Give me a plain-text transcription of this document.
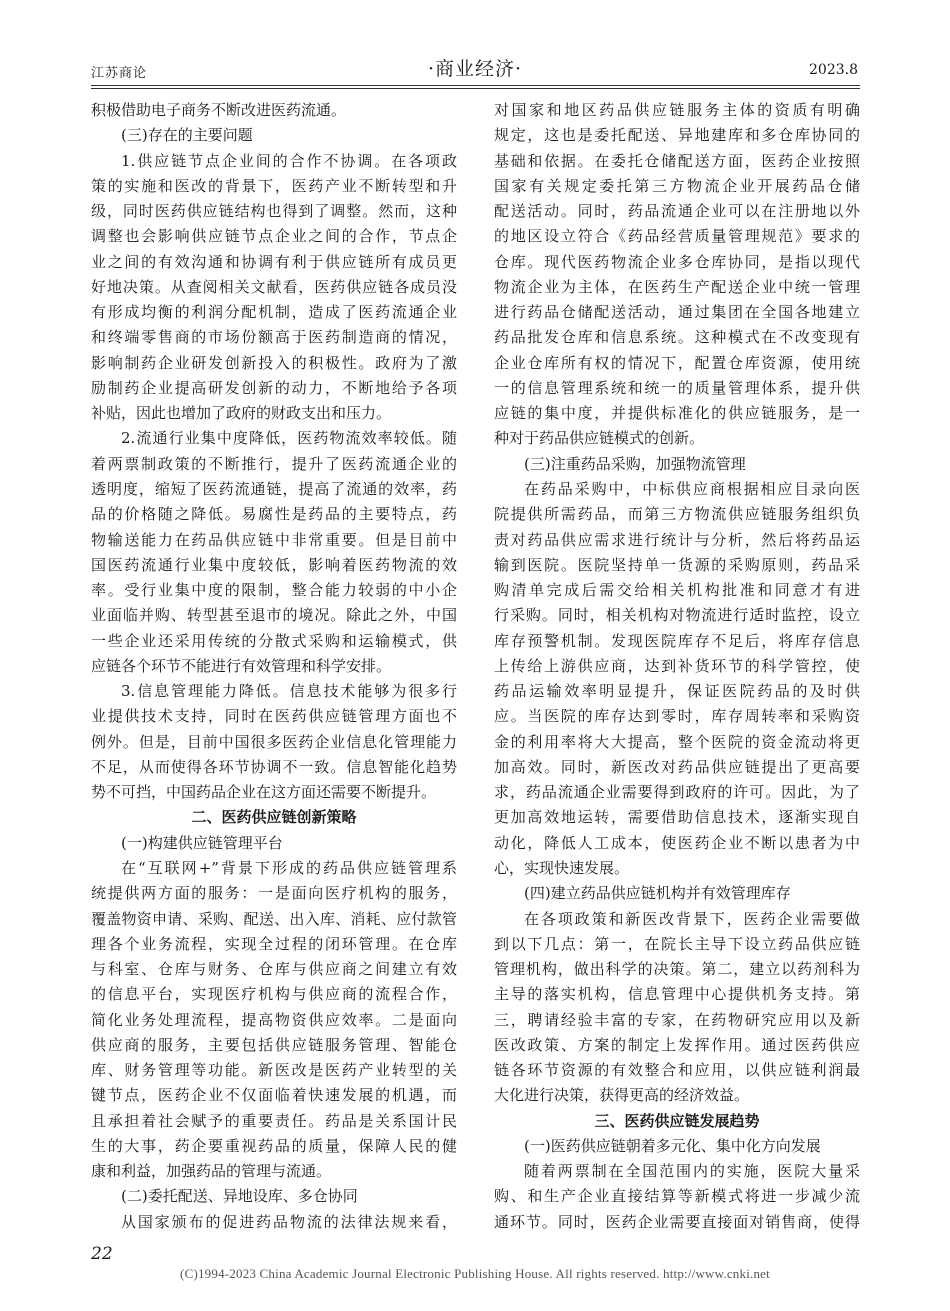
江苏商论	·商业经济·	2023.8
积极借助电子商务不断改进医药流通。
(三)存在的主要问题
1.供应链节点企业间的合作不协调。在各项政
策的实施和医改的背景下，医药产业不断转型和升
级，同时医药供应链结构也得到了调整。然而，这种
调整也会影响供应链节点企业之间的合作，节点企
业之间的有效沟通和协调有利于供应链所有成员更
好地决策。从查阅相关文献看，医药供应链各成员没
有形成均衡的利润分配机制，造成了医药流通企业
和终端零售商的市场份额高于医药制造商的情况，
影响制药企业研发创新投入的积极性。政府为了激
励制药企业提高研发创新的动力，不断地给予各项
补贴，因此也增加了政府的财政支出和压力。
2.流通行业集中度降低，医药物流效率较低。随
着两票制政策的不断推行，提升了医药流通企业的
透明度，缩短了医药流通链，提高了流通的效率，药
品的价格随之降低。易腐性是药品的主要特点，药
物输送能力在药品供应链中非常重要。但是目前中
国医药流通行业集中度较低，影响着医药物流的效
率。受行业集中度的限制，整合能力较弱的中小企
业面临并购、转型甚至退市的境况。除此之外，中国
一些企业还采用传统的分散式采购和运输模式，供
应链各个环节不能进行有效管理和科学安排。
3.信息管理能力降低。信息技术能够为很多行
业提供技术支持，同时在医药供应链管理方面也不
例外。但是，目前中国很多医药企业信息化管理能力
不足，从而使得各环节协调不一致。信息智能化趋势
势不可挡，中国药品企业在这方面还需要不断提升。
二、医药供应链创新策略
(一)构建供应链管理平台
在“互联网+”背景下形成的药品供应链管理系
统提供两方面的服务：一是面向医疗机构的服务，
覆盖物资申请、采购、配送、出入库、消耗、应付款管
理各个业务流程，实现全过程的闭环管理。在仓库
与科室、仓库与财务、仓库与供应商之间建立有效
的信息平台，实现医疗机构与供应商的流程合作，
简化业务处理流程，提高物资供应效率。二是面向
供应商的服务，主要包括供应链服务管理、智能仓
库、财务管理等功能。新医改是医药产业转型的关
键节点，医药企业不仅面临着快速发展的机遇，而
且承担着社会赋予的重要责任。药品是关系国计民
生的大事，药企要重视药品的质量，保障人民的健
康和利益，加强药品的管理与流通。
(二)委托配送、异地设库、多仓协同
从国家颁布的促进药品物流的法律法规来看，
对国家和地区药品供应链服务主体的资质有明确
规定，这也是委托配送、异地建库和多仓库协同的
基础和依据。在委托仓储配送方面，医药企业按照
国家有关规定委托第三方物流企业开展药品仓储
配送活动。同时，药品流通企业可以在注册地以外
的地区设立符合《药品经营质量管理规范》要求的
仓库。现代医药物流企业多仓库协同，是指以现代
物流企业为主体，在医药生产配送企业中统一管理
进行药品仓储配送活动，通过集团在全国各地建立
药品批发仓库和信息系统。这种模式在不改变现有
企业仓库所有权的情况下，配置仓库资源，使用统
一的信息管理系统和统一的质量管理体系，提升供
应链的集中度，并提供标准化的供应链服务，是一
种对于药品供应链模式的创新。
(三)注重药品采购，加强物流管理
在药品采购中，中标供应商根据相应目录向医
院提供所需药品，而第三方物流供应链服务组织负
责对药品供应需求进行统计与分析，然后将药品运
输到医院。医院坚持单一货源的采购原则，药品采
购清单完成后需交给相关机构批准和同意才有进
行采购。同时，相关机构对物流进行适时监控，设立
库存预警机制。发现医院库存不足后，将库存信息
上传给上游供应商，达到补货环节的科学管控，使
药品运输效率明显提升，保证医院药品的及时供
应。当医院的库存达到零时，库存周转率和采购资
金的利用率将大大提高，整个医院的资金流动将更
加高效。同时，新医改对药品供应链提出了更高要
求，药品流通企业需要得到政府的许可。因此，为了
更加高效地运转，需要借助信息技术，逐渐实现自
动化，降低人工成本，使医药企业不断以患者为中
心，实现快速发展。
(四)建立药品供应链机构并有效管理库存
在各项政策和新医改背景下，医药企业需要做
到以下几点：第一，在院长主导下设立药品供应链
管理机构，做出科学的决策。第二，建立以药剂科为
主导的落实机构，信息管理中心提供机务支持。第
三，聘请经验丰富的专家，在药物研究应用以及新
医改政策、方案的制定上发挥作用。通过医药供应
链各环节资源的有效整合和应用，以供应链利润最
大化进行决策，获得更高的经济效益。
三、医药供应链发展趋势
(一)医药供应链朝着多元化、集中化方向发展
随着两票制在全国范围内的实施，医院大量采
购、和生产企业直接结算等新模式将进一步减少流
通环节。同时，医药企业需要直接面对销售商，使得
22
(C)1994-2023 China Academic Journal Electronic Publishing House. All rights reserved. http://www.cnki.net
